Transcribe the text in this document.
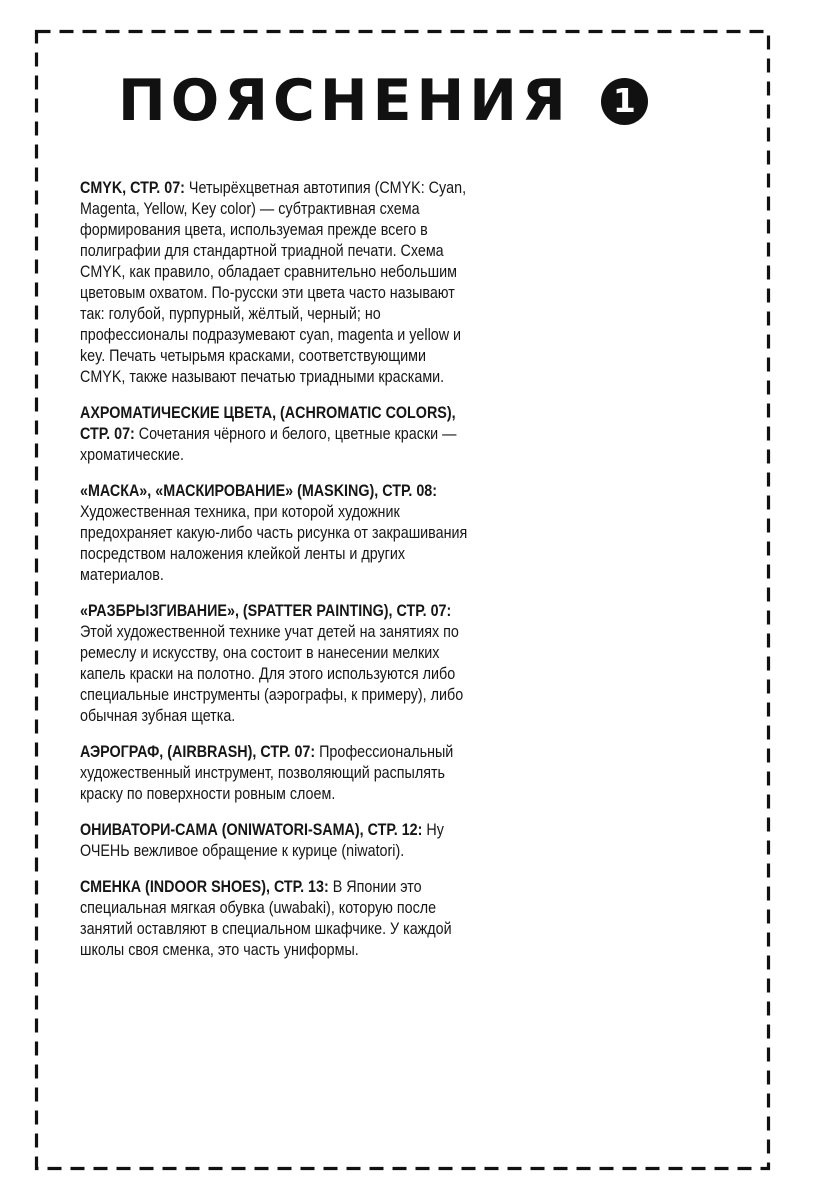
ПОЯСНЕНИЯ 1

CMYK, СТР. 07: Четырёхцветная автотипия (CMYK: Cyan, Magenta, Yellow, Key color) — субтрактивная схема формирования цвета, используемая прежде всего в полиграфии для стандартной триадной печати. Схема CMYK, как правило, обладает сравнительно небольшим цветовым охватом. По-русски эти цвета часто называют так: голубой, пурпурный, жёлтый, черный; но профессионалы подразумевают cyan, magenta и yellow и key. Печать четырьмя красками, соответствующими CMYK, также называют печатью триадными красками.

АХРОМАТИЧЕСКИЕ ЦВЕТА, (ACHROMATIC COLORS), СТР. 07: Сочетания чёрного и белого, цветные краски — хроматические.

«МАСКА», «МАСКИРОВАНИЕ» (MASKING), СТР. 08: Художественная техника, при которой художник предохраняет какую-либо часть рисунка от закрашивания посредством наложения клейкой ленты и других материалов.

«РАЗБРЫЗГИВАНИЕ», (SPATTER PAINTING), СТР. 07: Этой художественной технике учат детей на занятиях по ремеслу и искусству, она состоит в нанесении мелких капель краски на полотно. Для этого используются либо специальные инструменты (аэрографы, к примеру), либо обычная зубная щетка.

АЭРОГРАФ, (AIRBRASH), СТР. 07: Профессиональный художественный инструмент, позволяющий распылять краску по поверхности ровным слоем.

ОНИВАТОРИ-САМА (ONIWATORI-SAMA), СТР. 12: Ну ОЧЕНЬ вежливое обращение к курице (niwatori).

СМЕНКА (INDOOR SHOES), СТР. 13: В Японии это специальная мягкая обувка (uwabaki), которую после занятий оставляют в специальном шкафчике. У каждой школы своя сменка, это часть униформы.
